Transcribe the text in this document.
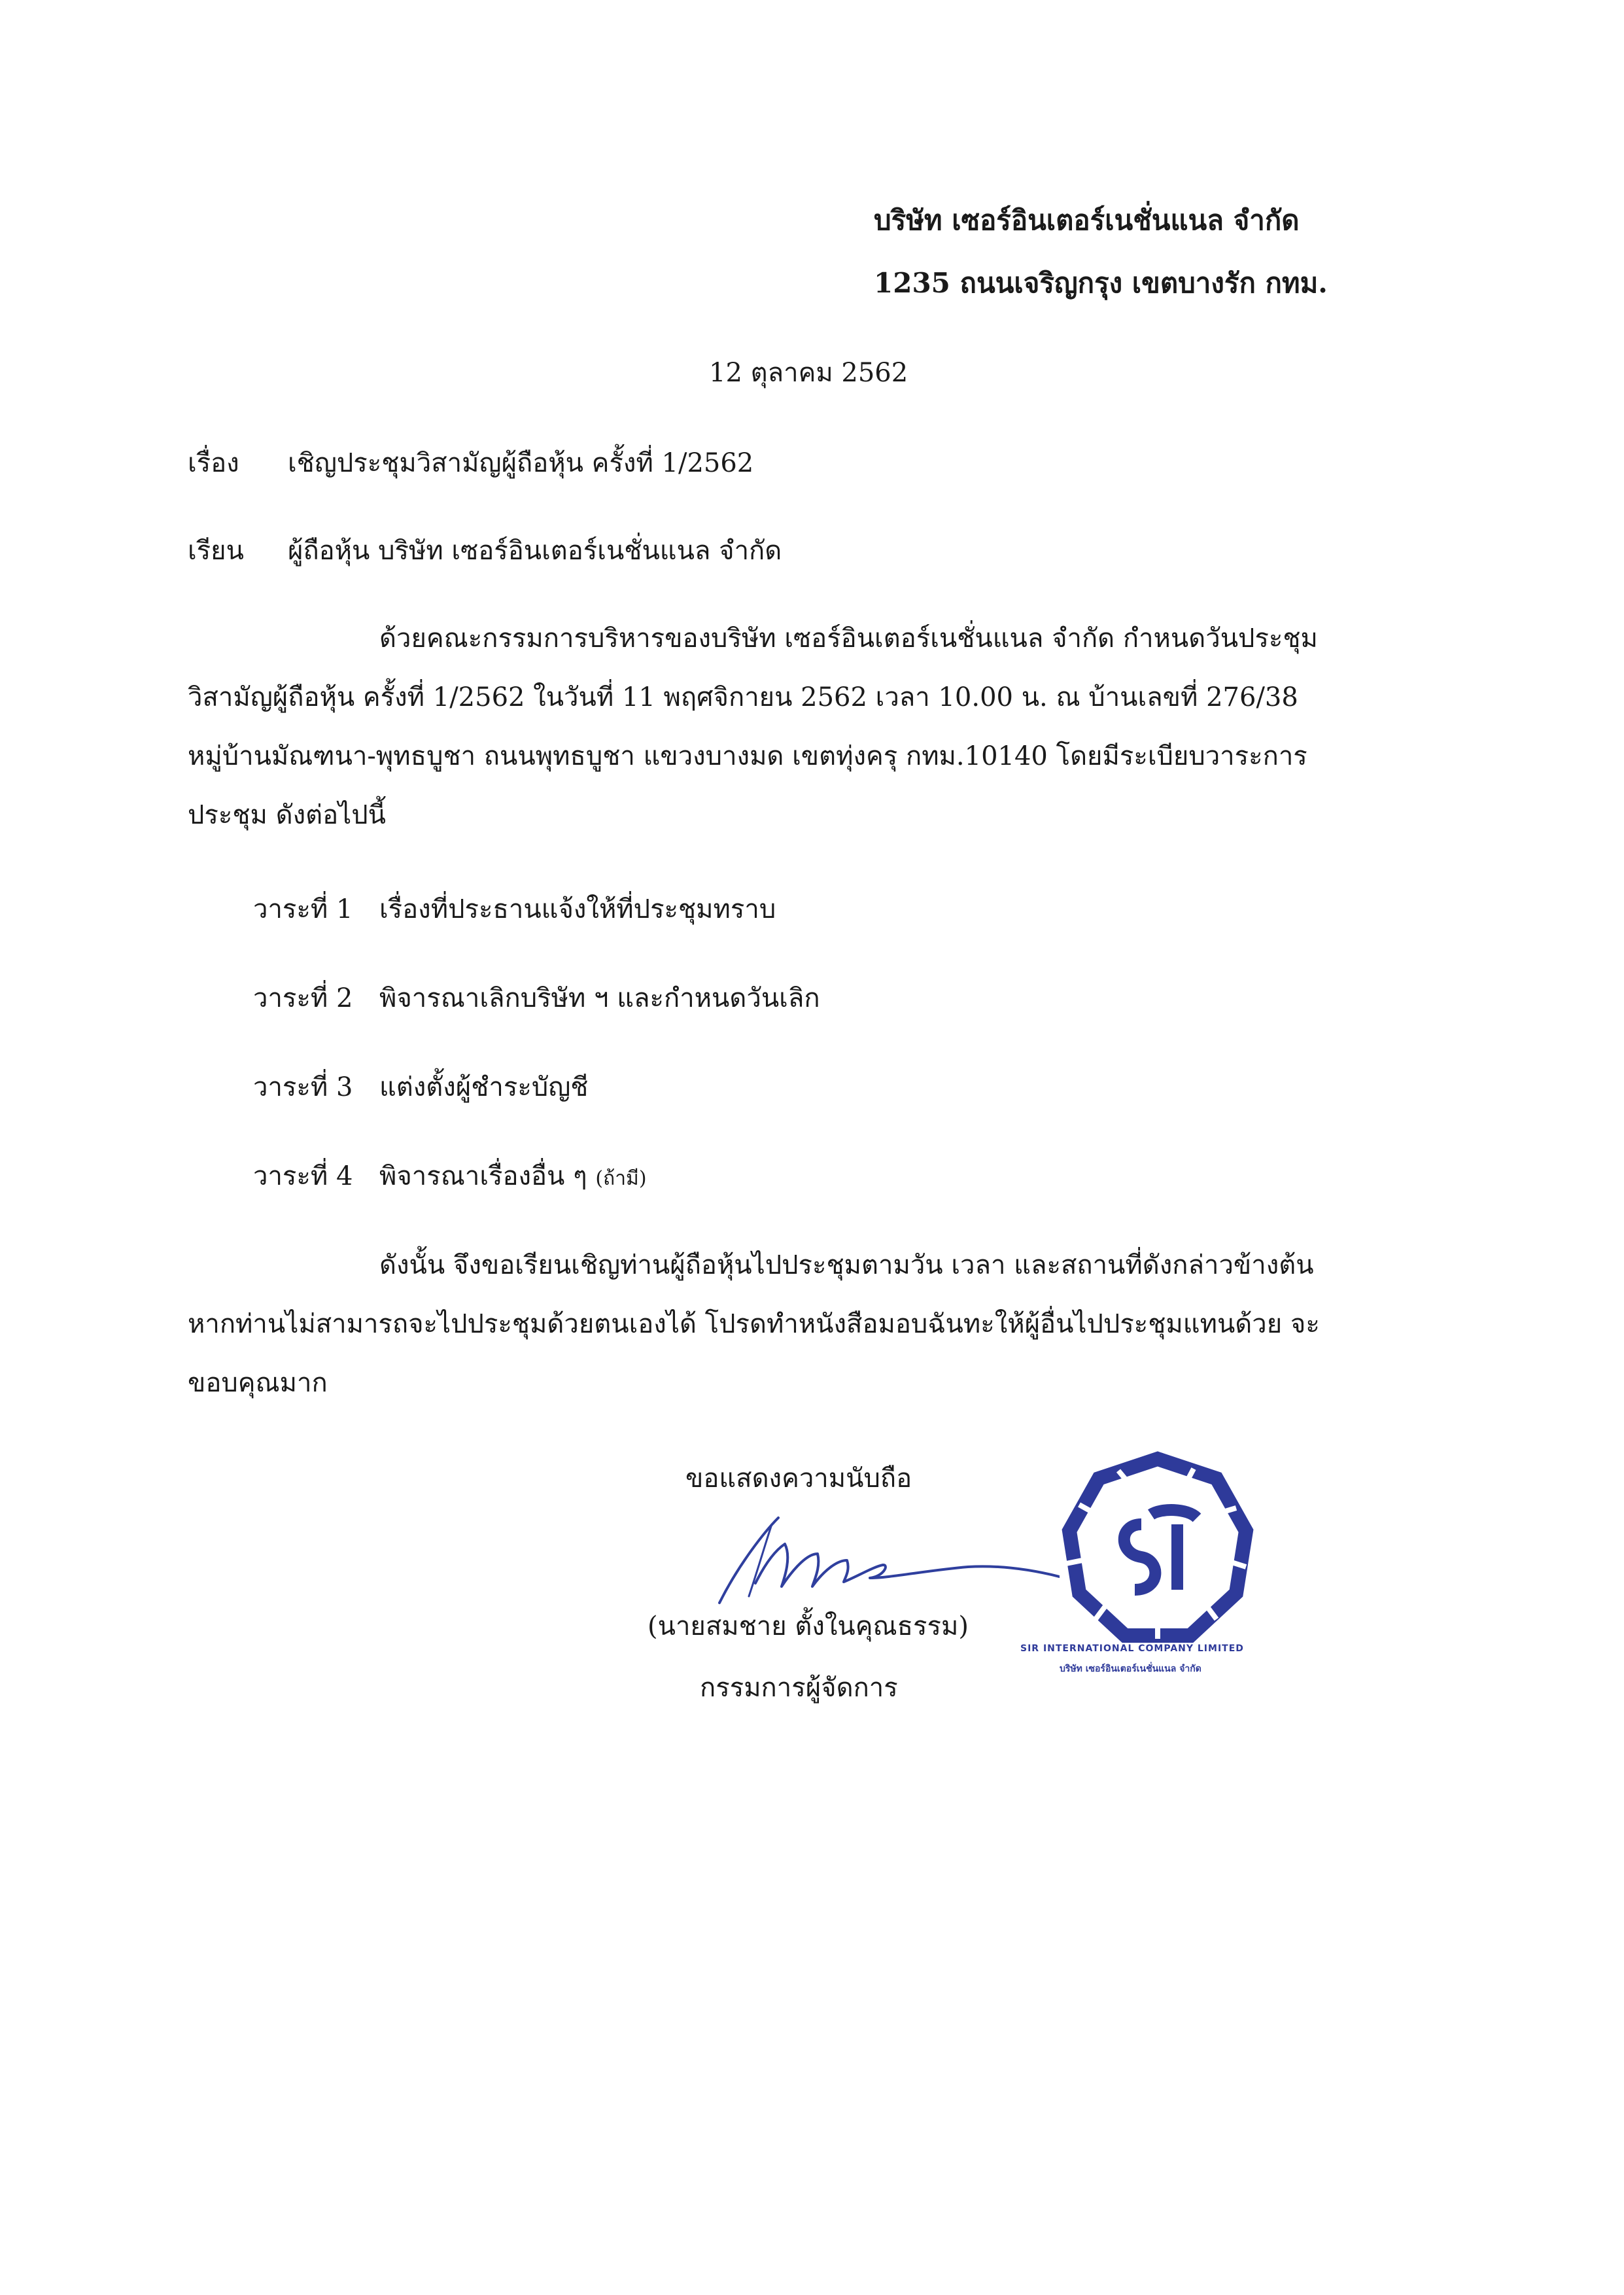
บริษัท เซอร์อินเตอร์เนชั่นแนล จำกัด
1235 ถนนเจริญกรุง เขตบางรัก กทม.
12 ตุลาคม 2562
เรื่อง เชิญประชุมวิสามัญผู้ถือหุ้น ครั้งที่ 1/2562
เรียน ผู้ถือหุ้น บริษัท เซอร์อินเตอร์เนชั่นแนล จำกัด
ด้วยคณะกรรมการบริหารของบริษัท เซอร์อินเตอร์เนชั่นแนล จำกัด กำหนดวันประชุม
วิสามัญผู้ถือหุ้น ครั้งที่ 1/2562 ในวันที่ 11 พฤศจิกายน 2562 เวลา 10.00 น. ณ บ้านเลขที่ 276/38
หมู่บ้านมัณฑนา-พุทธบูชา ถนนพุทธบูชา แขวงบางมด เขตทุ่งครุ กทม.10140 โดยมีระเบียบวาระการ
ประชุม ดังต่อไปนี้
วาระที่ 1 เรื่องที่ประธานแจ้งให้ที่ประชุมทราบ
วาระที่ 2 พิจารณาเลิกบริษัท ฯ และกำหนดวันเลิก
วาระที่ 3 แต่งตั้งผู้ชำระบัญชี
วาระที่ 4 พิจารณาเรื่องอื่น ๆ (ถ้ามี)
ดังนั้น จึงขอเรียนเชิญท่านผู้ถือหุ้นไปประชุมตามวัน เวลา และสถานที่ดังกล่าวข้างต้น
หากท่านไม่สามารถจะไปประชุมด้วยตนเองได้ โปรดทำหนังสือมอบฉันทะให้ผู้อื่นไปประชุมแทนด้วย จะ
ขอบคุณมาก
ขอแสดงความนับถือ
(นายสมชาย ตั้งในคุณธรรม)
กรรมการผู้จัดการ
SIR INTERNATIONAL COMPANY LIMITED
บริษัท เซอร์อินเตอร์เนชั่นแนล จำกัด
